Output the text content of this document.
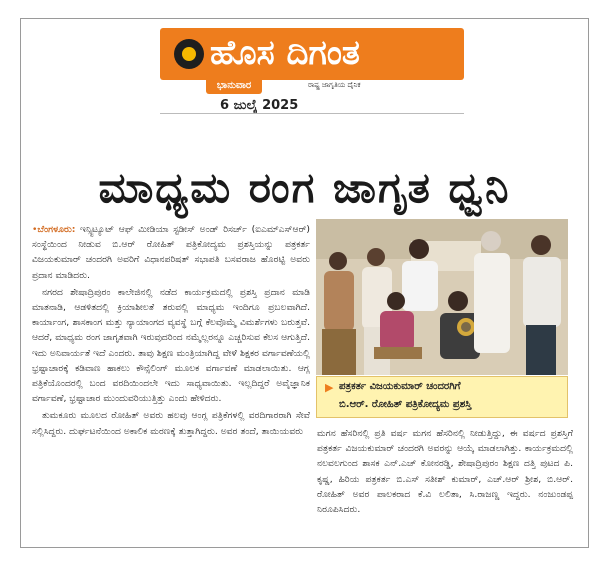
ಹೊಸ ದಿಗಂತ
ಭಾನುವಾರ	ರಾಷ್ಟ್ರ ಜಾಗೃತಿಯ ದೈನಿಕ
6 ಜುಲೈ 2025
ಮಾಧ್ಯಮ ರಂಗ ಜಾಗೃತ ಧ್ವನಿ

•ಬೆಂಗಳೂರು: ಇನ್ಸ್ಟಿಟ್ಯೂಟ್ ಆಫ್ ಮೀಡಿಯಾ ಸ್ಟಡೀಸ್ ಅಂಡ್ ರಿಸರ್ಚ್ (ಐಎಮ್‌ಎಸ್‌ಆರ್) ಸಂಸ್ಥೆಯಿಂದ ನೀಡುವ ಬಿ.ಆರ್ ರೋಹಿತ್ ಪತ್ರಿಕೋದ್ಯಮ ಪ್ರಶಸ್ತಿಯನ್ನು ಪತ್ರಕರ್ತ ವಿಜಯಕುಮಾರ್ ಚಂದರಗಿ ಅವರಿಗೆ ವಿಧಾನಪರಿಷತ್ ಸಭಾಪತಿ ಬಸವರಾಜ ಹೊರಟ್ಟಿ ಅವರು ಪ್ರದಾನ ಮಾಡಿದರು.

ನಗರದ ಶೇಷಾದ್ರಿಪುರಂ ಕಾಲೇಜಿನಲ್ಲಿ ನಡೆದ ಕಾರ್ಯಕ್ರಮದಲ್ಲಿ ಪ್ರಶಸ್ತಿ ಪ್ರದಾನ ಮಾಡಿ ಮಾತನಾಡಿ, ಆಡಳಿತದಲ್ಲಿ ಕ್ರಿಯಾಶೀಲತೆ ತರುವಲ್ಲಿ ಮಾಧ್ಯಮ ಇಂದಿಗೂ ಪ್ರಬಲವಾಗಿದೆ. ಕಾರ್ಯಾಂಗ, ಶಾಸಕಾಂಗ ಮತ್ತು ನ್ಯಾಯಾಂಗದ ವ್ಯವಸ್ಥೆ ಬಗ್ಗೆ ಕೆಲವೊಮ್ಮೆ ವಿಮರ್ಶೆಗಳು ಬರುತ್ತವೆ. ಆದರೆ, ಮಾಧ್ಯಮ ರಂಗ ಜಾಗೃತವಾಗಿ ಇರುವುದರಿಂದ ನಮ್ಮೆಲ್ಲರನ್ನೂ ಎಚ್ಚರಿಸುವ ಕೆಲಸ ಆಗುತ್ತಿದೆ. ಇದು ಅನಿವಾರ್ಯತೆ ಇದೆ ಎಂದರು. ತಾವು ಶಿಕ್ಷಣ ಮಂತ್ರಿಯಾಗಿದ್ದ ವೇಳೆ ಶಿಕ್ಷಕರ ವರ್ಗಾವಣೆಯಲ್ಲಿ ಭ್ರಷ್ಟಾಚಾರಕ್ಕೆ ಕಡಿವಾಣ ಹಾಕಲು ಕೌನ್ಸೆಲಿಂಗ್ ಮೂಲಕ ವರ್ಗಾವಣೆ ಮಾಡಲಾಯಿತು. ಆಗ್ಲ ಪತ್ರಿಕೆಯೊಂದರಲ್ಲಿ ಬಂದ ವರದಿಯಿಂದಲೇ ಇದು ಸಾಧ್ಯವಾಯಿತು. ಇಲ್ಲದಿದ್ದರೆ ಅವೈಜ್ಞಾನಿಕ ವರ್ಗಾವಣೆ, ಭ್ರಷ್ಟಾಚಾರ ಮುಂದುವರಿಯುತ್ತಿತ್ತು ಎಂದು ಹೇಳಿದರು.

ತುಮಕೂರು ಮೂಲದ ರೋಹಿತ್ ಅವರು ಹಲವು ಆಂಗ್ಲ ಪತ್ರಿಕೆಗಳಲ್ಲಿ ವರದಿಗಾರರಾಗಿ ಸೇವೆ ಸಲ್ಲಿಸಿದ್ದರು. ದುರ್ಘಟನೆಯಿಂದ ಅಕಾಲಿಕ ಮರಣಕ್ಕೆ ತುತ್ತಾಗಿದ್ದರು. ಅವರ ತಂದೆ, ತಾಯಿಯವರು

▶ ಪತ್ರಕರ್ತ ವಿಜಯಕುಮಾರ್ ಚಂದರಗಿಗೆ
ಬಿ.ಆರ್. ರೋಹಿತ್ ಪತ್ರಿಕೋದ್ಯಮ ಪ್ರಶಸ್ತಿ

ಮಗನ ಹೆಸರಿನಲ್ಲಿ ಪ್ರತಿ ವರ್ಷ ಮಗನ ಹೆಸರಿನಲ್ಲಿ ನೀಡುತ್ತಿದ್ದು, ಈ ವರ್ಷದ ಪ್ರಶಸ್ತಿಗೆ ಪತ್ರಕರ್ತ ವಿಜಯಕುಮಾರ್ ಚಂದರಗಿ ಅವರನ್ನು ಆಯ್ಕೆ ಮಾಡಲಾಗಿತ್ತು. ಕಾರ್ಯಕ್ರಮದಲ್ಲಿ ನಲವಲಗುಂದ ಶಾಸಕ ಎನ್.ಎಚ್ ಕೋನರಡ್ಡಿ, ಶೇಷಾದ್ರಿಪುರಂ ಶಿಕ್ಷಣ ದತ್ತಿ ಪುಟದ ಪಿ. ಕೃಷ್ಣ, ಹಿರಿಯ ಪತ್ರಕರ್ತ ಬಿ.ಎಸ್ ಸತೀಶ್ ಕುಮಾರ್, ಎಚ್.ಆರ್ ಶ್ರೀಶ, ಬಿ.ಆರ್. ರೋಹಿತ್ ಅವರ ಪಾಲಕರಾದ ಕೆ.ವಿ ಲಲಿತಾ, ಸಿ.ರಾಜಣ್ಣ ಇದ್ದರು. ನಂಜುಂಡಪ್ಪ ನಿರೂಪಿಸಿದರು.
